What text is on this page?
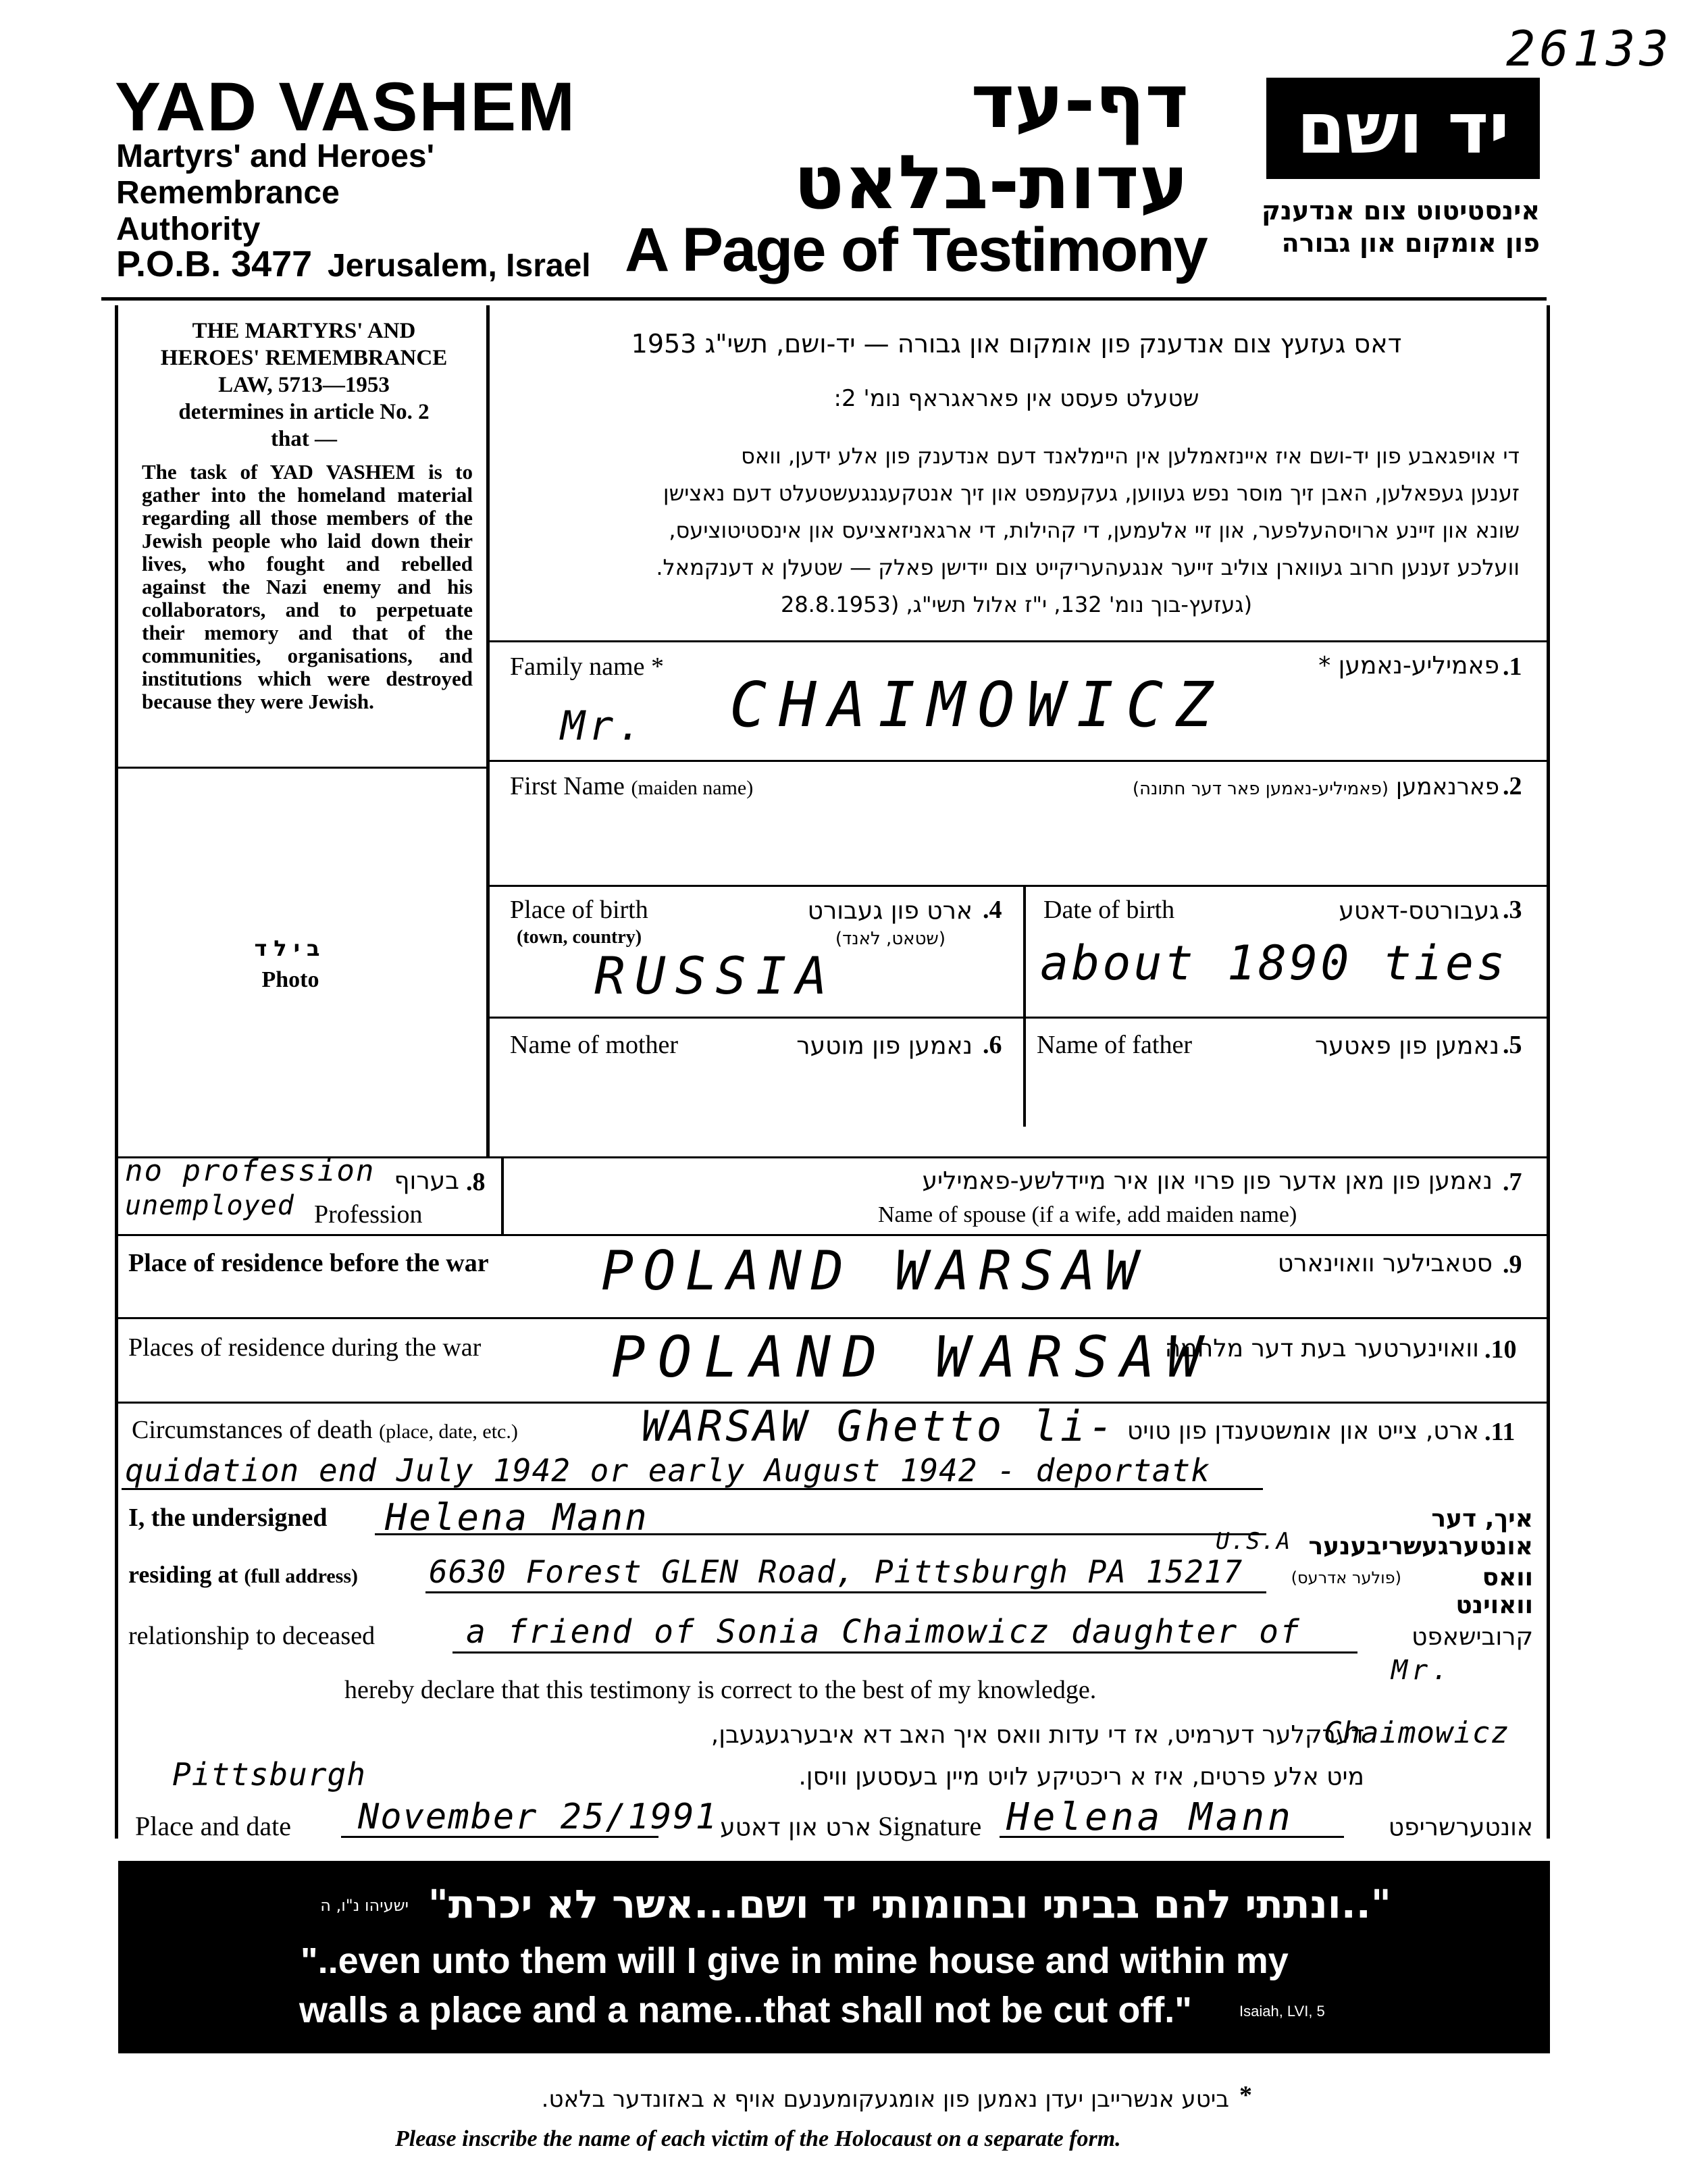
26133
YAD VASHEM
Martyrs' and Heroes'
Remembrance
Authority
P.O.B. 3477 Jerusalem, Israel
דף-עד
עדות-בלאט
A Page of Testimony
יד ושם
אינסטיטוט צום אנדענק
פון אומקום און גבורה
THE MARTYRS' AND
HEROES' REMEMBRANCE
LAW, 5713—1953
determines in article No. 2
that —
The task of YAD VASHEM is to gather into the homeland material regarding all those members of the Jewish people who laid down their lives, who fought and rebelled against the Nazi enemy and his collaborators, and to perpetuate their memory and that of the communities, organisations, and institutions which were destroyed because they were Jewish.
בילד
Photo
דאס געזעץ צום אנדענק פון אומקום און גבורה — יד-ושם, תשי"ג 1953
שטעלט פעסט אין פאראגראף נומ' 2:
די אויפגאבע פון יד-ושם איז איינזאמלען אין היימלאנד דעם אנדענק פון אלע ידען, וואס
זענען געפאלען, האבן זיך מוסר נפש געווען, געקעמפט און זיך אנטקעגנגעשטעלט דעם נאצישן
שונא און זיינע ארויסהעלפער, און זיי אלעמען, די קהילות, די ארגאניזאציעס און אינסטיטוציעס,
וועלכע זענען חרוב געווארן צוליב זייער אנגעהעריקייט צום יידישן פאלק — שטעלן א דענקמאל.
(געזעץ-בוך נומ' 132, י"ז אלול תשי"ג, (28.8.1953
Family name *	פאמיליע-נאמען * .1
Mr. CHAIMOWICZ
First Name (maiden name)	פארנאמען (פאמיליע-נאמען פאר דער חתונה)	.2
Place of birth
(town, country)
ארט פון געבורט
(שטאט, לאנד)
.4
RUSSIA
Date of birth	געבורטס-דאטע .3
about 1890 ties
Name of mother	נאמען פון מוטער .6 Name of father	נאמען פון פאטער .5
no profession
unemployed
בערוף .8
Profession
נאמען פון מאן אדער פון פרוי און איר מיידלשע-פאמיליע .7
Name of spouse (if a wife, add maiden name)
Place of residence before the war POLAND WARSAW	סטאבילער וואוינארט .9
Places of residence during the war POLAND WARSAW
וואוינערטער בעת דער מלחמה .10
Circumstances of death (place, date, etc.)	WARSAW Ghetto li- ארט, צייט און אומשטענדן פון טויט .11
quidation end July 1942 or early August 1942 - deportatk
I, the undersigned Helena Mann	איך, דער אונטערגעשריבענער
residing at (full address) 6630 Forest GLEN Road, Pittsburgh PA 15217
U.S.A
(פולער אדרעס)	וואס וואוינט
relationship to deceased	a friend of Sonia Chaimowicz daughter of	קרובישאפט
Mr.
Chaimowicz
hereby declare that this testimony is correct to the best of my knowledge.
דערקלער דערמיט, אז די עדות וואס איך האב דא איבערגעגעבן,
מיט אלע פרטים, איז א ריכטיקע לויט מיין בעסטען וויסן.
Pittsburgh
Place and date November 25/1991 ארט און דאטע Signature Helena Mann	אונטערשריפט
"..ונתתי להם בביתי ובחומותי יד ושם...אשר לא יכרת"
ישעיהו נ"ו, ה
"..even unto them will I give in mine house and within my
walls a place and a name...that shall not be cut off."	Isaiah, LVI, 5
*
ביטע אנשרייבן יעדן נאמען פון אומגעקומענעם אויף א באזונדער בלאט.
Please inscribe the name of each victim of the Holocaust on a separate form.
